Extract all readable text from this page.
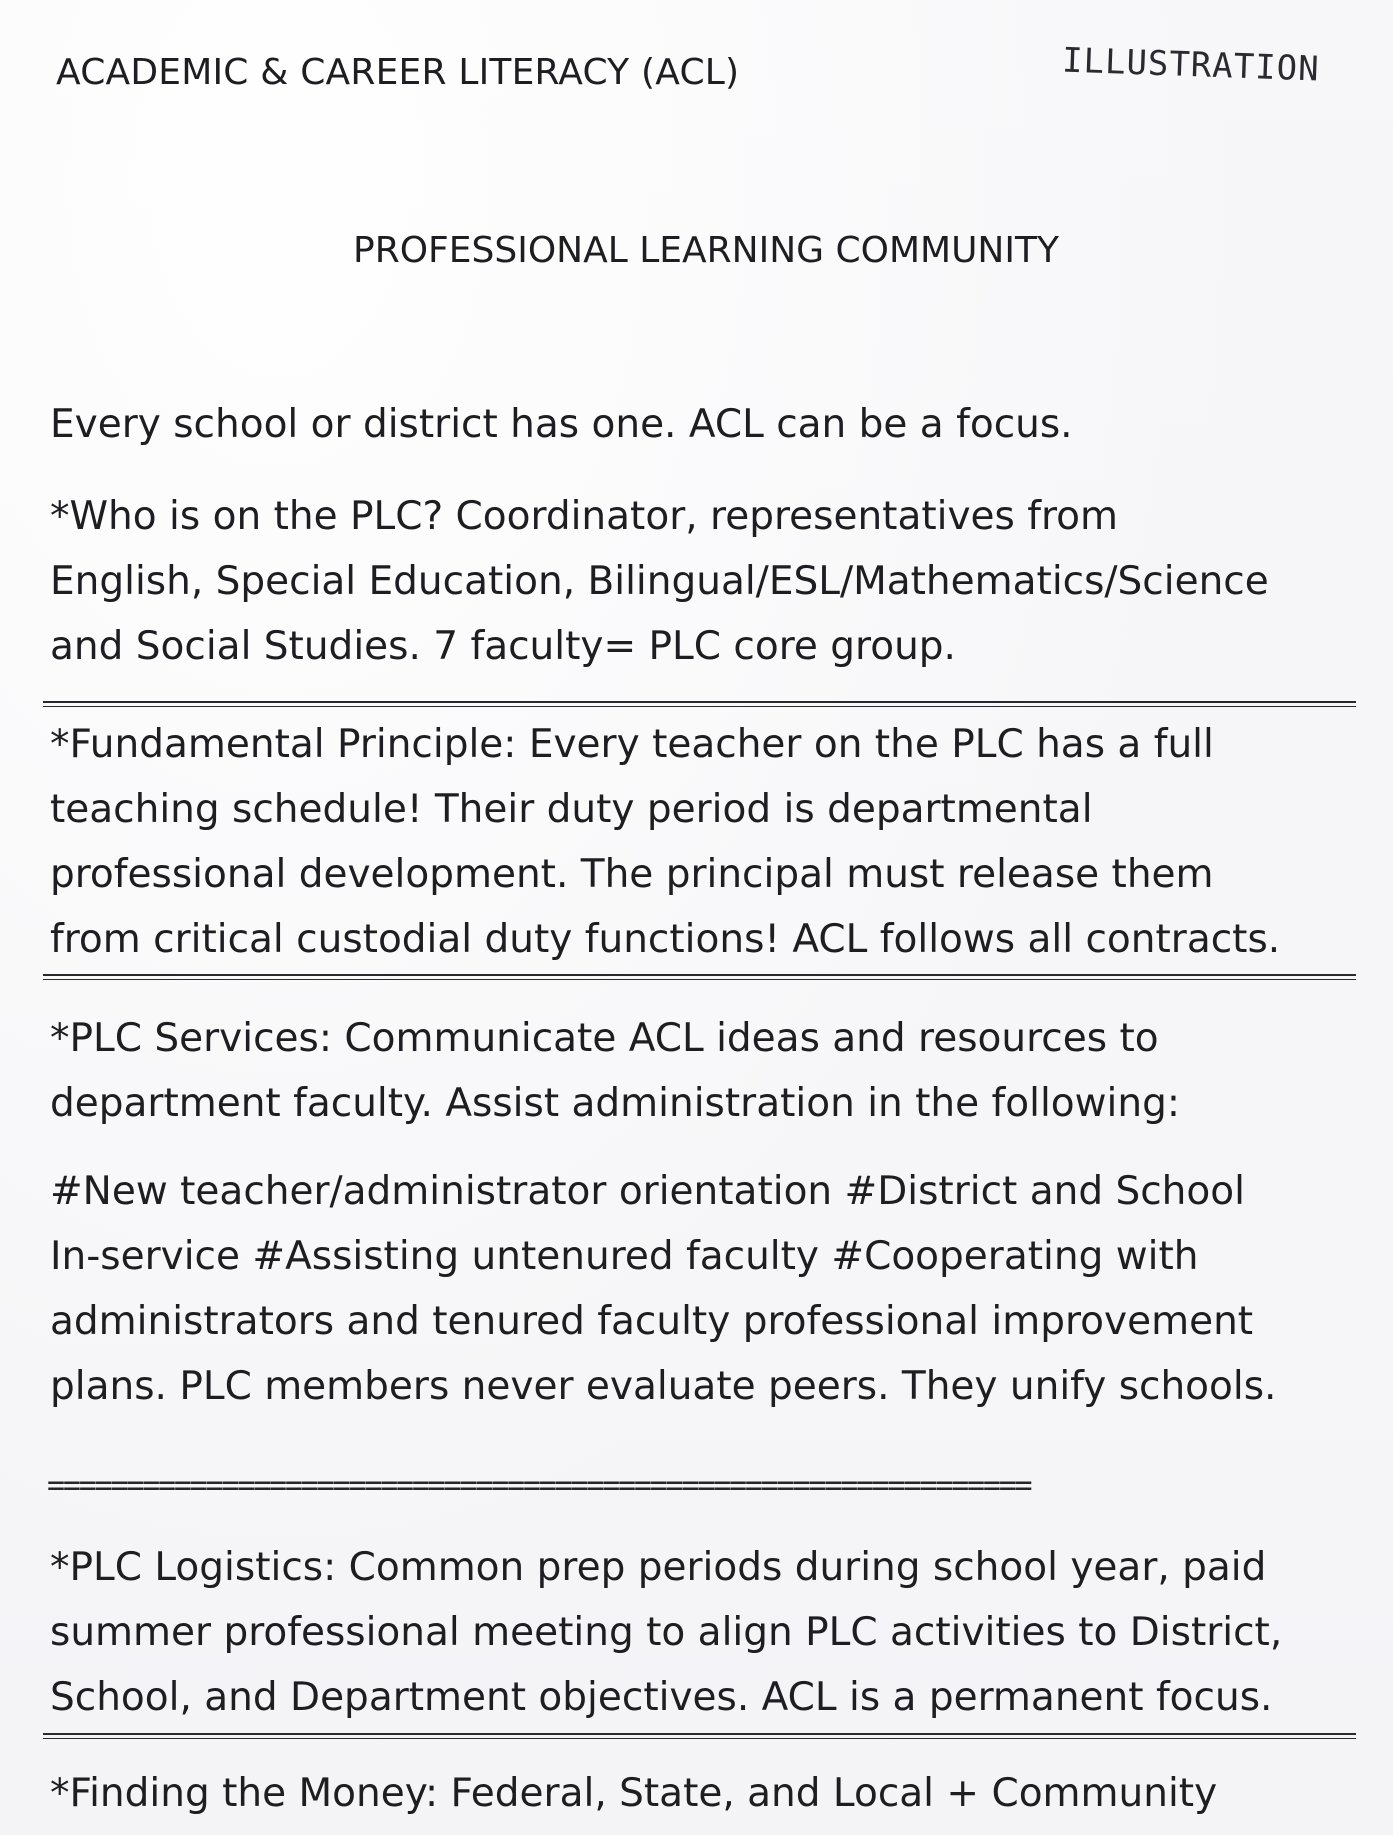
ACADEMIC & CAREER LITERACY (ACL)	ILLUSTRATION
PROFESSIONAL LEARNING COMMUNITY
Every school or district has one. ACL can be a focus.
*Who is on the PLC? Coordinator, representatives from
English, Special Education, Bilingual/ESL/Mathematics/Science
and Social Studies. 7 faculty= PLC core group.
*Fundamental Principle: Every teacher on the PLC has a full
teaching schedule! Their duty period is departmental
professional development. The principal must release them
from critical custodial duty functions! ACL follows all contracts.
*PLC Services: Communicate ACL ideas and resources to
department faculty. Assist administration in the following:
#New teacher/administrator orientation #District and School
In-service #Assisting untenured faculty #Cooperating with
administrators and tenured faculty professional improvement
plans. PLC members never evaluate peers. They unify schools.
==============================================================
*PLC Logistics: Common prep periods during school year, paid
summer professional meeting to align PLC activities to District,
School, and Department objectives. ACL is a permanent focus.
*Finding the Money: Federal, State, and Local + Community
